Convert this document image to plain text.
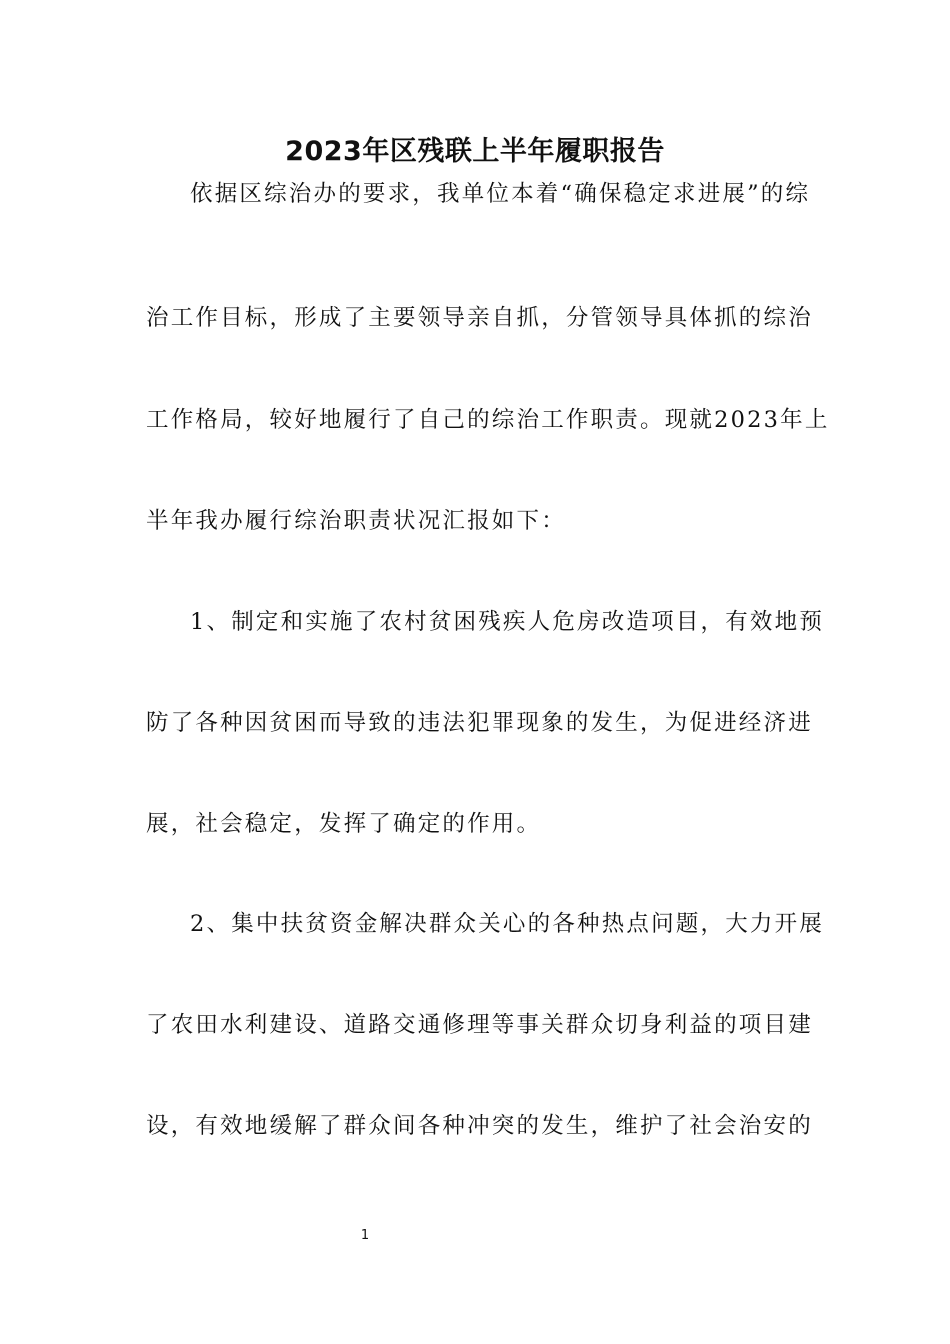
2023年区残联上半年履职报告

依据区综治办的要求，我单位本着“确保稳定求进展”的综

治工作目标，形成了主要领导亲自抓，分管领导具体抓的综治

工作格局，较好地履行了自己的综治工作职责。现就2023年上

半年我办履行综治职责状况汇报如下：

1、制定和实施了农村贫困残疾人危房改造项目，有效地预

防了各种因贫困而导致的违法犯罪现象的发生，为促进经济进

展，社会稳定，发挥了确定的作用。

2、集中扶贫资金解决群众关心的各种热点问题，大力开展

了农田水利建设、道路交通修理等事关群众切身利益的项目建

设，有效地缓解了群众间各种冲突的发生，维护了社会治安的

1
